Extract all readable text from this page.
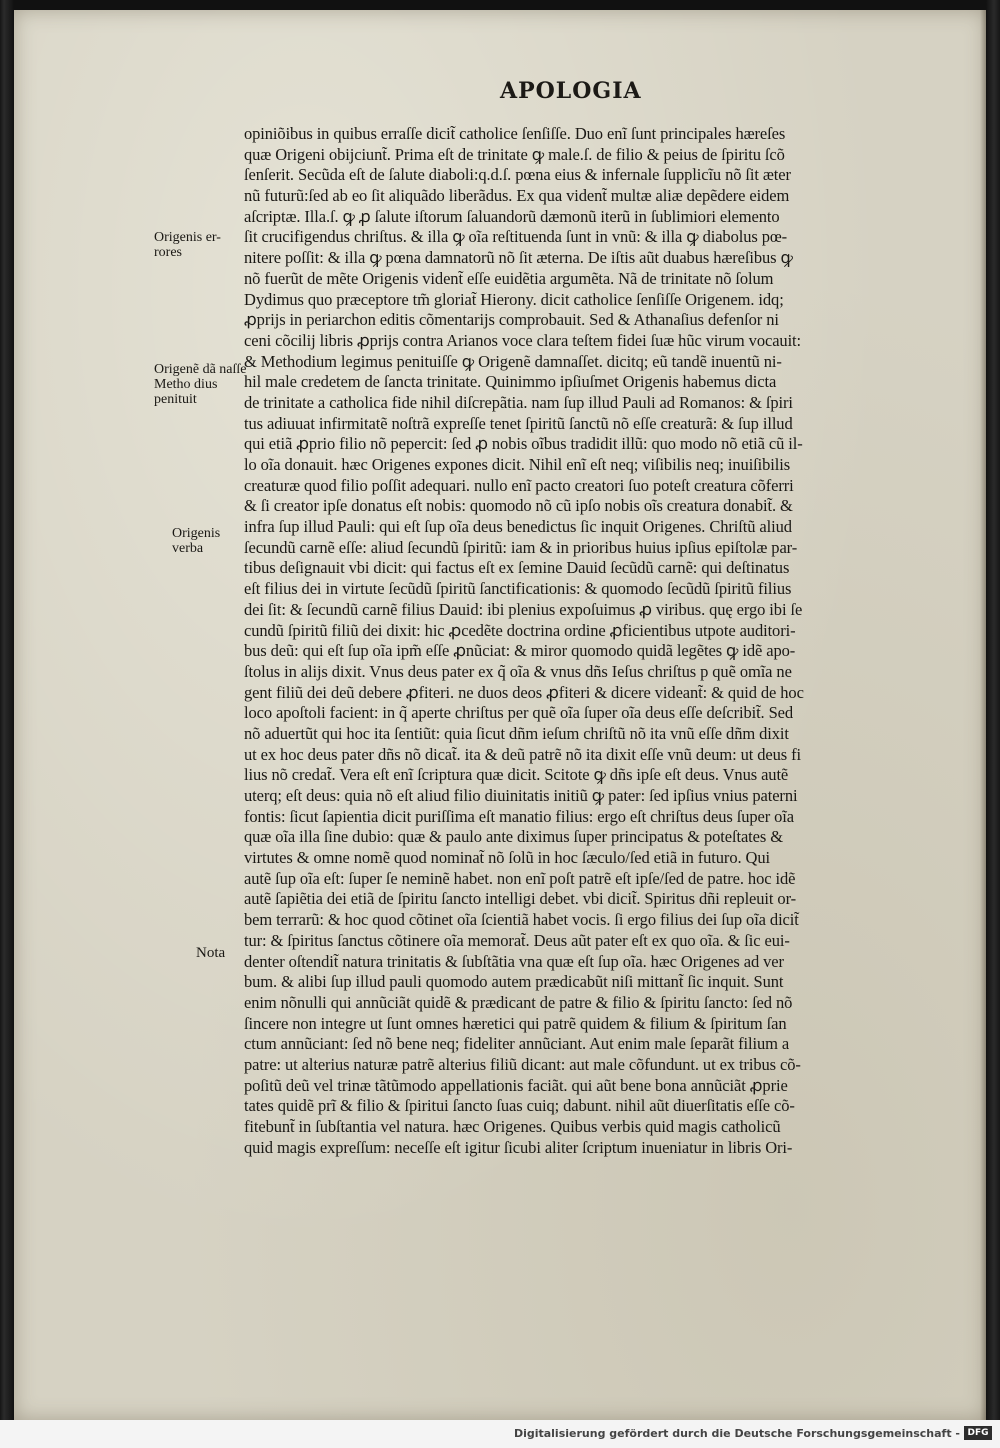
APOLOGIA
opiniõibus in quibus erraſſe dicit̃ catholice ſenſiſſe. Duo enĩ ſunt principales hæreſes
quæ Origeni obijciunt̃. Prima eſt de trinitate ꝙ male.ſ. de filio & peius de ſpiritu ſcõ
ſenſerit. Secũda eſt de ſalute diaboli:q.d.ſ. pœna eius & infernale ſupplicĩu nõ ſit æter
nũ futurũ:ſed ab eo ſit aliquãdo liberãdus. Ex qua vident̃ multæ aliæ depẽdere eidem
aſcriptæ. Illa.ſ. ꝙ ꝓ ſalute iſtorum ſaluandorũ dæmonũ iterũ in ſublimiori elemento
ſit crucifigendus chriſtus. & illa ꝙ oĩa reſtituenda ſunt in vnũ: & illa ꝙ diabolus pœ-
nitere poſſit: & illa ꝙ pœna damnatorũ nõ ſit æterna. De iſtis aũt duabus hæreſibus ꝙ
nõ fuerũt de mẽte Origenis vident̃ eſſe euidẽtia argumẽta. Nã de trinitate nõ ſolum
Dydimus quo præceptore tm̃ gloriat̃ Hierony. dicit catholice ſenſiſſe Origenem. idq;
ꝓprijs in periarchon editis cõmentarijs comprobauit. Sed & Athanaſius defenſor ni
ceni cõcilij libris ꝓprijs contra Arianos voce clara teſtem fidei ſuæ hũc virum vocauit:
& Methodium legimus penituiſſe ꝙ Origenẽ damnaſſet. dicitq; eũ tandẽ inuentũ ni-
hil male credetem de ſancta trinitate. Quinimmo ipſiuſmet Origenis habemus dicta
de trinitate a catholica fide nihil diſcrepãtia. nam ſup illud Pauli ad Romanos: & ſpiri
tus adiuuat infirmitatẽ noſtrã expreſſe tenet ſpiritũ ſanctũ nõ eſſe creaturã: & ſup illud
qui etiã ꝓprio filio nõ pepercit: ſed ꝓ nobis oĩbus tradidit illũ: quo modo nõ etiã cũ il-
lo oĩa donauit. hæc Origenes expones dicit. Nihil enĩ eſt neq; viſibilis neq; inuiſibilis
creaturæ quod filio poſſit adequari. nullo enĩ pacto creatori ſuo poteſt creatura cõferri
& ſi creator ipſe donatus eſt nobis: quomodo nõ cũ ipſo nobis oĩs creatura donabit̃. &
infra ſup illud Pauli: qui eſt ſup oĩa deus benedictus ſic inquit Origenes. Chriſtũ aliud
ſecundũ carnẽ eſſe: aliud ſecundũ ſpiritũ: iam & in prioribus huius ipſius epiſtolæ par-
tibus deſignauit vbi dicit: qui factus eſt ex ſemine Dauid ſecũdũ carnẽ: qui deſtinatus
eſt filius dei in virtute ſecũdũ ſpiritũ ſanctificationis: & quomodo ſecũdũ ſpiritũ filius
dei ſit: & ſecundũ carnẽ filius Dauid: ibi plenius expoſuimus ꝓ viribus. quę ergo ibi ſe
cundũ ſpiritũ filiũ dei dixit: hic ꝓcedẽte doctrina ordine ꝓficientibus utpote auditori-
bus deũ: qui eſt ſup oĩa ipm̃ eſſe ꝓnũciat: & miror quomodo quidã legẽtes ꝙ idẽ apo-
ſtolus in alijs dixit. Vnus deus pater ex q̃ oĩa & vnus dñs Ieſus chriſtus p quẽ omĩa ne
gent filiũ dei deũ debere ꝓfiteri. ne duos deos ꝓfiteri & dicere videant̃: & quid de hoc
loco apoſtoli facient: in q̃ aperte chriſtus per quẽ oĩa ſuper oĩa deus eſſe deſcribit̃. Sed
nõ aduertũt qui hoc ita ſentiũt: quia ſicut dñm ieſum chriſtũ nõ ita vnũ eſſe dñm dixit
ut ex hoc deus pater dñs nõ dicat̃. ita & deũ patrẽ nõ ita dixit eſſe vnũ deum: ut deus fi
lius nõ credat̃. Vera eſt enĩ ſcriptura quæ dicit. Scitote ꝙ dñs ipſe eſt deus. Vnus autẽ
uterq; eſt deus: quia nõ eſt aliud filio diuinitatis initiũ ꝙ pater: ſed ipſius vnius paterni
fontis: ſicut ſapientia dicit puriſſima eſt manatio filius: ergo eſt chriſtus deus ſuper oĩa
quæ oĩa illa ſine dubio: quæ & paulo ante diximus ſuper principatus & poteſtates &
virtutes & omne nomẽ quod nominat̃ nõ ſolũ in hoc ſæculo/ſed etiã in futuro. Qui
autẽ ſup oĩa eſt: ſuper ſe neminẽ habet. non enĩ poſt patrẽ eſt ipſe/ſed de patre. hoc idẽ
autẽ ſapiẽtia dei etiã de ſpiritu ſancto intelligi debet. vbi dicit̃. Spiritus dñi repleuit or-
bem terrarũ: & hoc quod cõtinet oĩa ſcientiã habet vocis. ſi ergo filius dei ſup oĩa dicit̃
tur: & ſpiritus ſanctus cõtinere oĩa memorat̃. Deus aũt pater eſt ex quo oĩa. & ſic eui-
denter oſtendit̃ natura trinitatis & ſubſtãtia vna quæ eſt ſup oĩa. hæc Origenes ad ver
bum. & alibi ſup illud pauli quomodo autem prædicabũt niſi mittant̃ ſic inquit. Sunt
enim nõnulli qui annũciãt quidẽ & prædicant de patre & filio & ſpiritu ſancto: ſed nõ
ſincere non integre ut ſunt omnes hæretici qui patrẽ quidem & filium & ſpiritum ſan
ctum annũciant: ſed nõ bene neq; fideliter annũciant. Aut enim male ſeparãt filium a
patre: ut alterius naturæ patrẽ alterius filiũ dicant: aut male cõfundunt. ut ex tribus cõ-
poſitũ deũ vel trinæ tãtũmodo appellationis faciãt. qui aũt bene bona annũciãt ꝓprie
tates quidẽ prĩ & filio & ſpiritui ſancto ſuas cuiq; dabunt. nihil aũt diuerſitatis eſſe cõ-
fitebunt̃ in ſubſtantia vel natura. hæc Origenes. Quibus verbis quid magis catholicũ
quid magis expreſſum: neceſſe eſt igitur ſicubi aliter ſcriptum inueniatur in libris Ori-

Origenis er- rores

Origenẽ dã naſſe Metho dius penituit

Origenis verba

Nota

Digitalisierung gefördert durch die Deutsche Forschungsgemeinschaft - DFG
